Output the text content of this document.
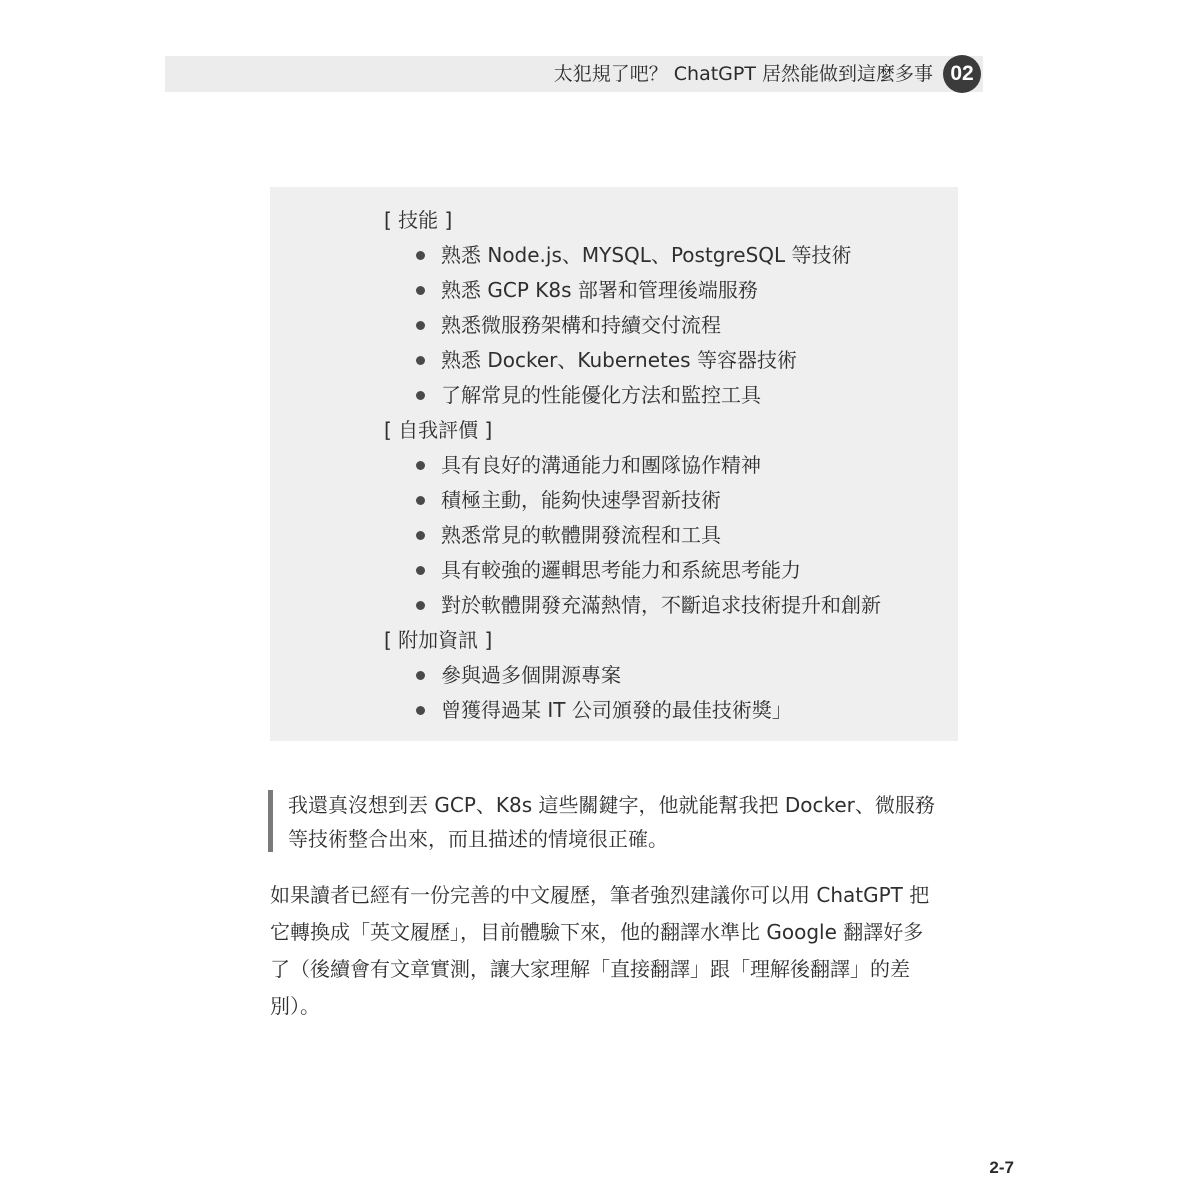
太犯規了吧？ ChatGPT 居然能做到這麼多事 02
[ 技能 ]
熟悉 Node.js、MYSQL、PostgreSQL 等技術
熟悉 GCP K8s 部署和管理後端服務
熟悉微服務架構和持續交付流程
熟悉 Docker、Kubernetes 等容器技術
了解常見的性能優化方法和監控工具
[ 自我評價 ]
具有良好的溝通能力和團隊協作精神
積極主動，能夠快速學習新技術
熟悉常見的軟體開發流程和工具
具有較強的邏輯思考能力和系統思考能力
對於軟體開發充滿熱情，不斷追求技術提升和創新
[ 附加資訊 ]
參與過多個開源專案
曾獲得過某 IT 公司頒發的最佳技術獎」
我還真沒想到丟 GCP、K8s 這些關鍵字，他就能幫我把 Docker、微服務
等技術整合出來，而且描述的情境很正確。
如果讀者已經有一份完善的中文履歷，筆者強烈建議你可以用 ChatGPT 把
它轉換成「英文履歷」，目前體驗下來，他的翻譯水準比 Google 翻譯好多
了（後續會有文章實測，讓大家理解「直接翻譯」跟「理解後翻譯」的差
別）。
2-7
